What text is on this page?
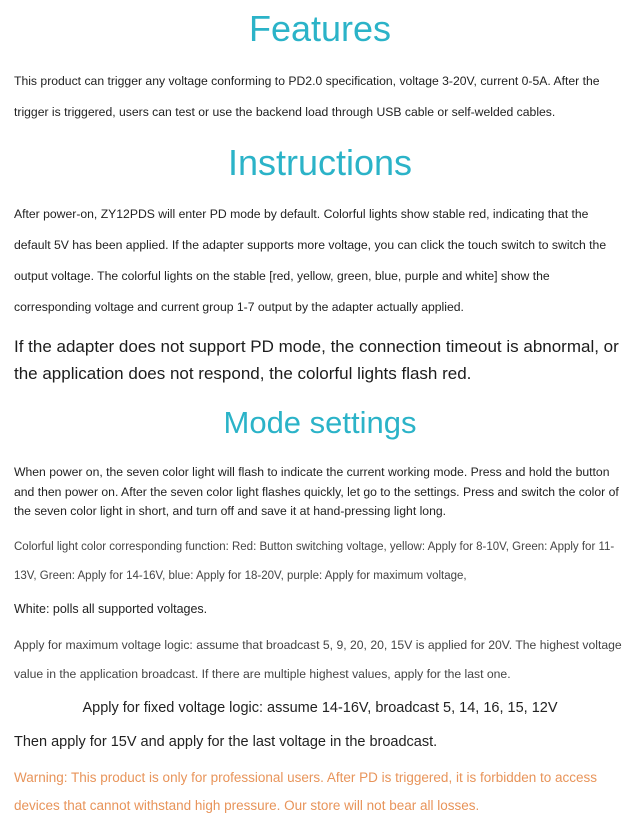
Features

This product can trigger any voltage conforming to PD2.0 specification, voltage 3-20V, current 0-5A. After the trigger is triggered, users can test or use the backend load through USB cable or self-welded cables.

Instructions

After power-on, ZY12PDS will enter PD mode by default. Colorful lights show stable red, indicating that the default 5V has been applied. If the adapter supports more voltage, you can click the touch switch to switch the output voltage. The colorful lights on the stable [red, yellow, green, blue, purple and white] show the corresponding voltage and current group 1-7 output by the adapter actually applied.

If the adapter does not support PD mode, the connection timeout is abnormal, or the application does not respond, the colorful lights flash red.

Mode settings

When power on, the seven color light will flash to indicate the current working mode. Press and hold the button and then power on. After the seven color light flashes quickly, let go to the settings. Press and switch the color of the seven color light in short, and turn off and save it at hand-pressing light long.

Colorful light color corresponding function: Red: Button switching voltage, yellow: Apply for 8-10V, Green: Apply for 11-13V, Green: Apply for 14-16V, blue: Apply for 18-20V, purple: Apply for maximum voltage,

White: polls all supported voltages.

Apply for maximum voltage logic: assume that broadcast 5, 9, 20, 20, 15V is applied for 20V. The highest voltage value in the application broadcast. If there are multiple highest values, apply for the last one.

Apply for fixed voltage logic: assume 14-16V, broadcast 5, 14, 16, 15, 12V

Then apply for 15V and apply for the last voltage in the broadcast.

Warning: This product is only for professional users. After PD is triggered, it is forbidden to access devices that cannot withstand high pressure. Our store will not bear all losses.
